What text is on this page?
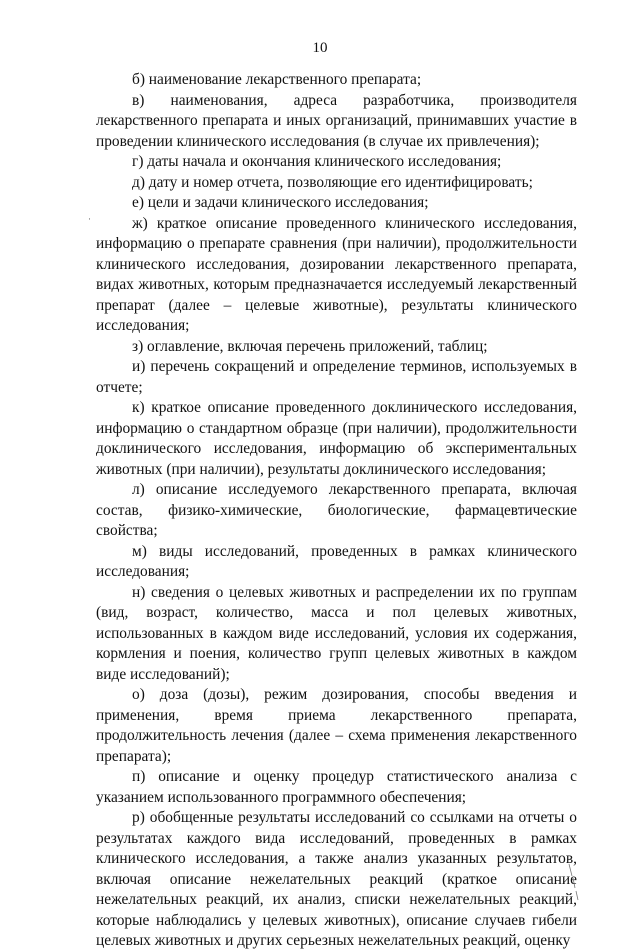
10

б) наименование лекарственного препарата;

в) наименования, адреса разработчика, производителя лекарственного препарата и иных организаций, принимавших участие в проведении клинического исследования (в случае их привлечения);

г) даты начала и окончания клинического исследования;

д) дату и номер отчета, позволяющие его идентифицировать;

е) цели и задачи клинического исследования;

ж) краткое описание проведенного клинического исследования, информацию о препарате сравнения (при наличии), продолжительности клинического исследования, дозировании лекарственного препарата, видах животных, которым предназначается исследуемый лекарственный препарат (далее – целевые животные), результаты клинического исследования;

з) оглавление, включая перечень приложений, таблиц;

и) перечень сокращений и определение терминов, используемых в отчете;

к) краткое описание проведенного доклинического исследования, информацию о стандартном образце (при наличии), продолжительности доклинического исследования, информацию об экспериментальных животных (при наличии), результаты доклинического исследования;

л) описание исследуемого лекарственного препарата, включая состав, физико-химические, биологические, фармацевтические свойства;

м) виды исследований, проведенных в рамках клинического исследования;

н) сведения о целевых животных и распределении их по группам (вид, возраст, количество, масса и пол целевых животных, использованных в каждом виде исследований, условия их содержания, кормления и поения, количество групп целевых животных в каждом виде исследований);

о) доза (дозы), режим дозирования, способы введения и применения, время приема лекарственного препарата, продолжительность лечения (далее – схема применения лекарственного препарата);

п) описание и оценку процедур статистического анализа с указанием использованного программного обеспечения;

р) обобщенные результаты исследований со ссылками на отчеты о результатах каждого вида исследований, проведенных в рамках клинического исследования, а также анализ указанных результатов, включая описание нежелательных реакций (краткое описание нежелательных реакций, их анализ, списки нежелательных реакций, которые наблюдались у целевых животных), описание случаев гибели целевых животных и других серьезных нежелательных реакций, оценку

·
